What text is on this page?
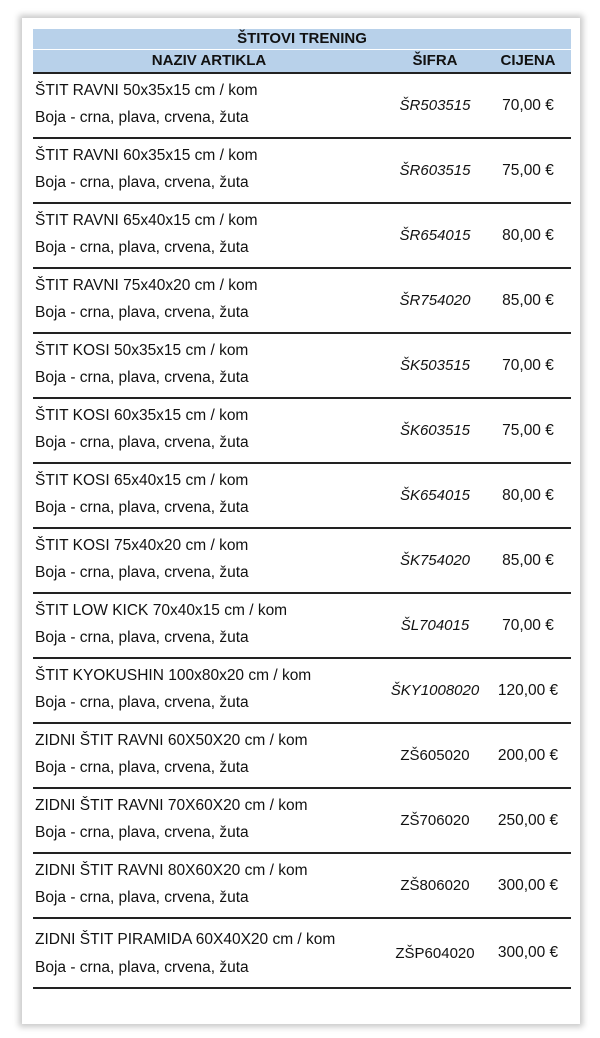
ŠTITOVI TRENING
NAZIV ARTIKLA	ŠIFRA	CIJENA
ŠTIT RAVNI 50x35x15 cm / kom
Boja - crna, plava, crvena, žuta
ŠR503515	70,00 €
ŠTIT RAVNI 60x35x15 cm / kom
Boja - crna, plava, crvena, žuta
ŠR603515	75,00 €
ŠTIT RAVNI 65x40x15 cm / kom
Boja - crna, plava, crvena, žuta
ŠR654015	80,00 €
ŠTIT RAVNI 75x40x20 cm / kom
Boja - crna, plava, crvena, žuta
ŠR754020	85,00 €
ŠTIT KOSI 50x35x15 cm / kom
Boja - crna, plava, crvena, žuta
ŠK503515	70,00 €
ŠTIT KOSI 60x35x15 cm / kom
Boja - crna, plava, crvena, žuta
ŠK603515	75,00 €
ŠTIT KOSI 65x40x15 cm / kom
Boja - crna, plava, crvena, žuta
ŠK654015	80,00 €
ŠTIT KOSI 75x40x20 cm / kom
Boja - crna, plava, crvena, žuta
ŠK754020	85,00 €
ŠTIT LOW KICK 70x40x15 cm / kom
Boja - crna, plava, crvena, žuta
ŠL704015	70,00 €
ŠTIT KYOKUSHIN 100x80x20 cm / kom
Boja - crna, plava, crvena, žuta
ŠKY1008020	120,00 €
ZIDNI ŠTIT RAVNI 60X50X20 cm / kom
Boja - crna, plava, crvena, žuta
ZŠ605020	200,00 €
ZIDNI ŠTIT RAVNI 70X60X20 cm / kom
Boja - crna, plava, crvena, žuta
ZŠ706020	250,00 €
ZIDNI ŠTIT RAVNI 80X60X20 cm / kom
Boja - crna, plava, crvena, žuta
ZŠ806020	300,00 €
ZIDNI ŠTIT PIRAMIDA 60X40X20 cm / kom
Boja - crna, plava, crvena, žuta
ZŠP604020	300,00 €
